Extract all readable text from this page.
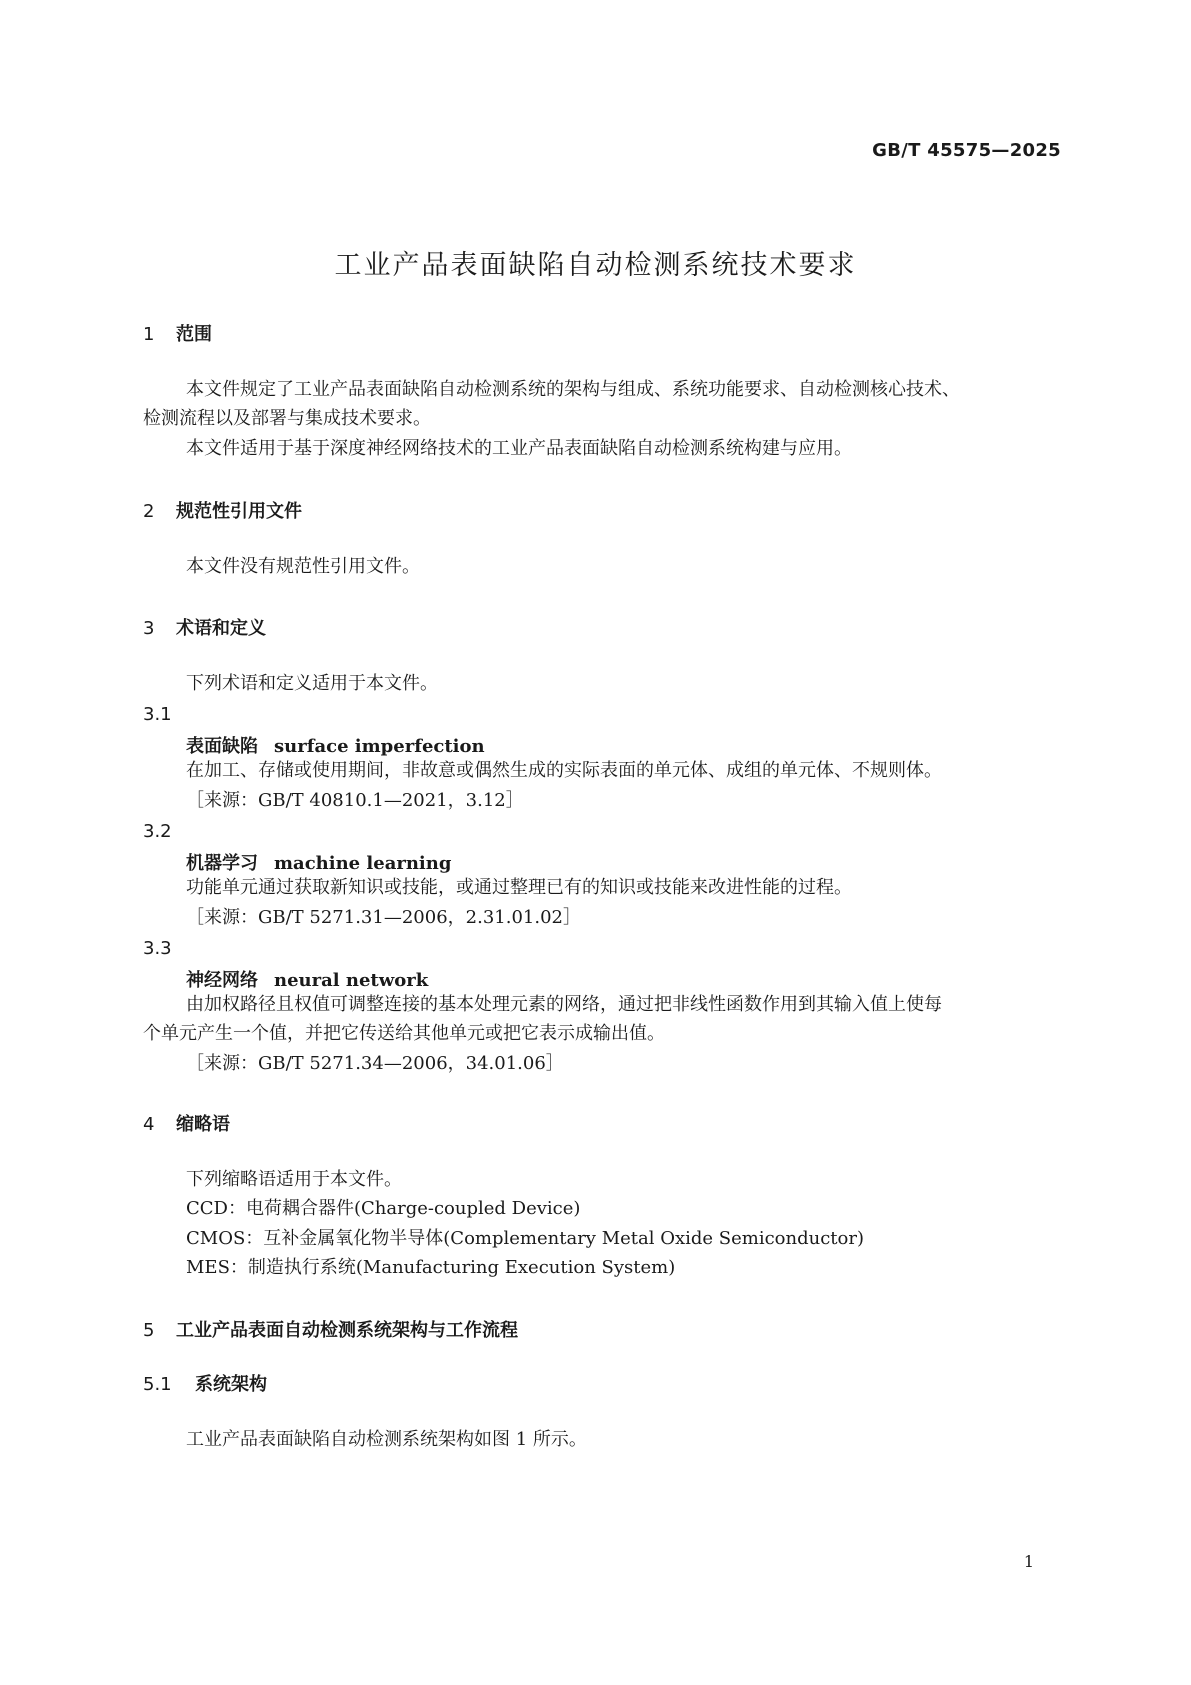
GB/T 45575—2025
工业产品表面缺陷自动检测系统技术要求
1 范围
本文件规定了工业产品表面缺陷自动检测系统的架构与组成、系统功能要求、自动检测核心技术、
检测流程以及部署与集成技术要求。
本文件适用于基于深度神经网络技术的工业产品表面缺陷自动检测系统构建与应用。
2 规范性引用文件
本文件没有规范性引用文件。
3 术语和定义
下列术语和定义适用于本文件。
3.1
表面缺陷 surface imperfection
在加工、存储或使用期间，非故意或偶然生成的实际表面的单元体、成组的单元体、不规则体。
［来源：GB/T 40810.1—2021，3.12］
3.2
机器学习 machine learning
功能单元通过获取新知识或技能，或通过整理已有的知识或技能来改进性能的过程。
［来源：GB/T 5271.31—2006，2.31.01.02］
3.3
神经网络 neural network
由加权路径且权值可调整连接的基本处理元素的网络，通过把非线性函数作用到其输入值上使每
个单元产生一个值，并把它传送给其他单元或把它表示成输出值。
［来源：GB/T 5271.34—2006，34.01.06］
4 缩略语
下列缩略语适用于本文件。
CCD：电荷耦合器件(Charge-coupled Device)
CMOS：互补金属氧化物半导体(Complementary Metal Oxide Semiconductor)
MES：制造执行系统(Manufacturing Execution System)
5 工业产品表面自动检测系统架构与工作流程
5.1 系统架构
工业产品表面缺陷自动检测系统架构如图 1 所示。
1
